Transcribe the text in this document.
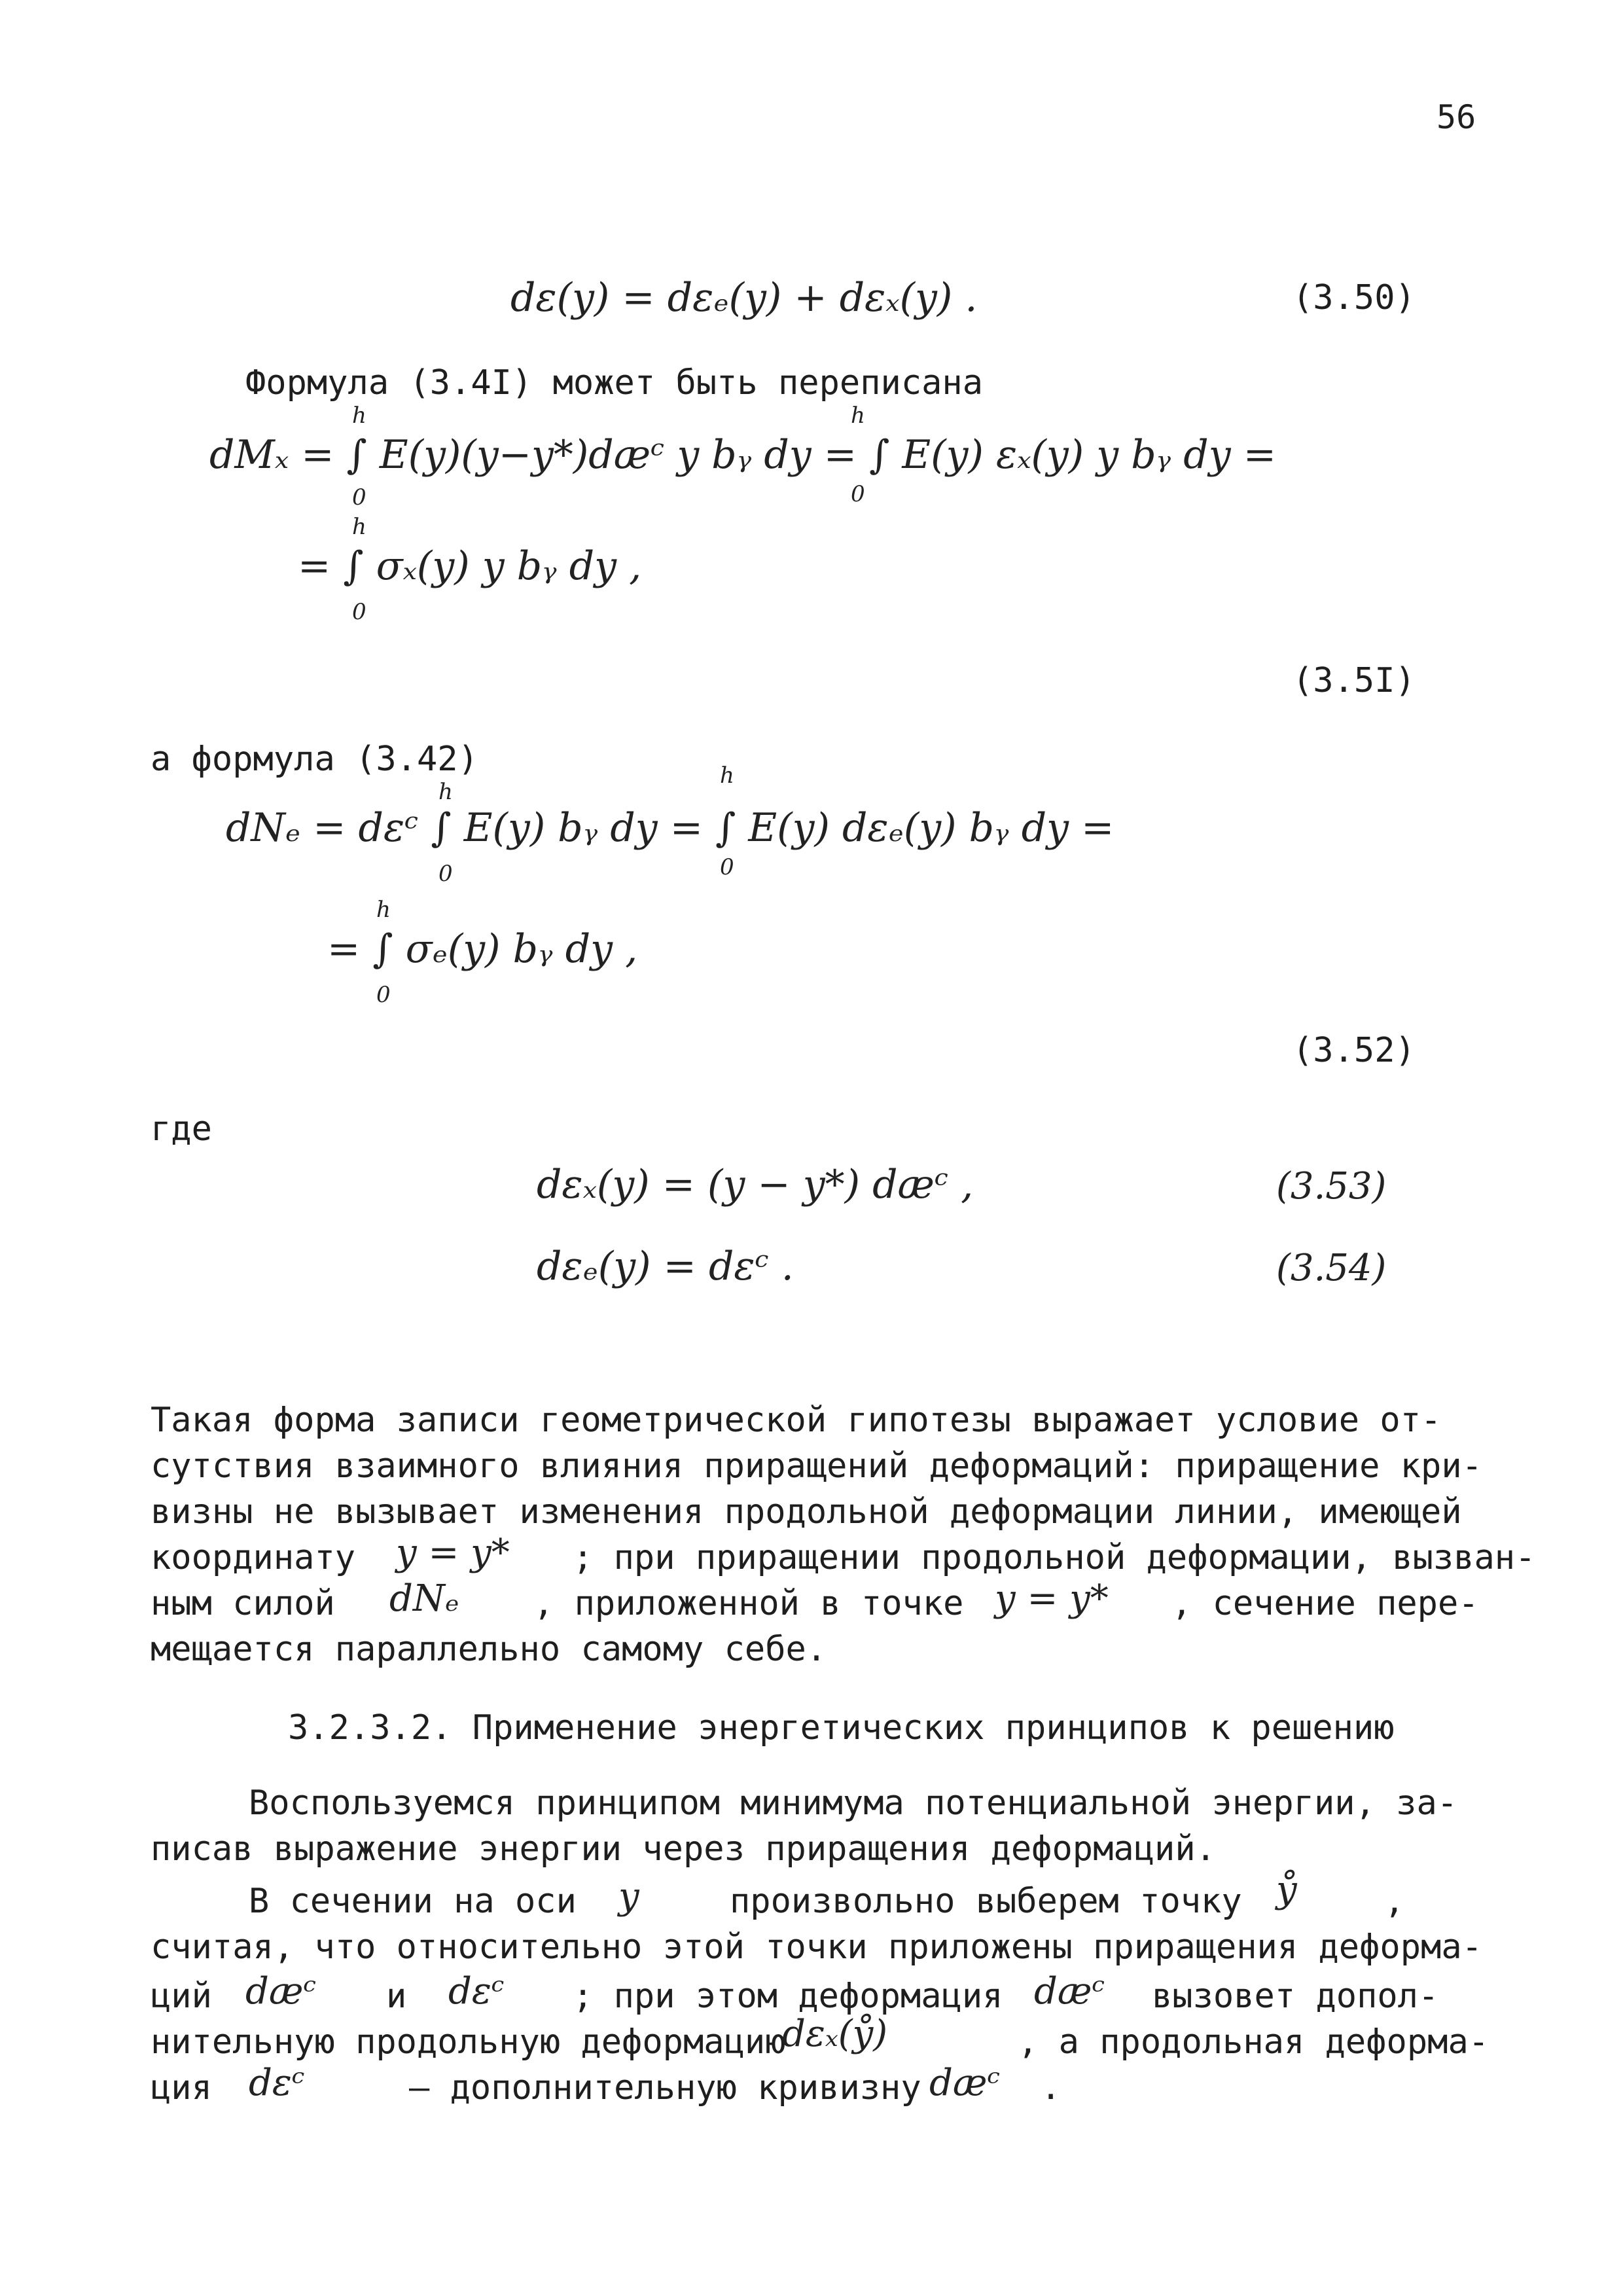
56
dε(y) = dεₑ(y) + dεₓ(y) .	(3.50)
Формула (3.4I) может быть переписана
h	h
dMₓ = ∫ E(y)(y−y*)dæᶜ y bᵧ dy = ∫ E(y) εₓ(y) y bᵧ dy =
0	0
h
= ∫ σₓ(y) y bᵧ dy ,
0
(3.5I)
а формула (3.42)
h
h
dNₑ = dεᶜ ∫ E(y) bᵧ dy = ∫ E(y) dεₑ(y) bᵧ dy =
0	0
h
= ∫ σₑ(y) bᵧ dy ,
0
(3.52)
где
dεₓ(y) = (y − y*) dæᶜ ,	(3.53)
dεₑ(y) = dεᶜ .	(3.54)
Такая форма записи геометрической гипотезы выражает условие от-
сутствия взаимного влияния приращений деформаций: приращение кри-
визны не вызывает изменения продольной деформации линии, имеющей
координату y = y* ; при приращении продольной деформации, вызван-
ным силой dNₑ , приложенной в точке y = y* , сечение пере-
мещается параллельно самому себе.
3.2.3.2. Применение энергетических принципов к решению
Воспользуемся принципом минимума потенциальной энергии, за-
писав выражение энергии через приращения деформаций.
В сечении на оси y	произвольно выберем точку ẙ	,
считая, что относительно этой точки приложены приращения деформа-
ций dæᶜ и dεᶜ ; при этом деформация dæᶜ вызовет допол-
нительную продольную деформацию
dεₓ(ẙ)	, а продольная деформа-
ция dεᶜ	– дополнительную кривизну dæᶜ .
